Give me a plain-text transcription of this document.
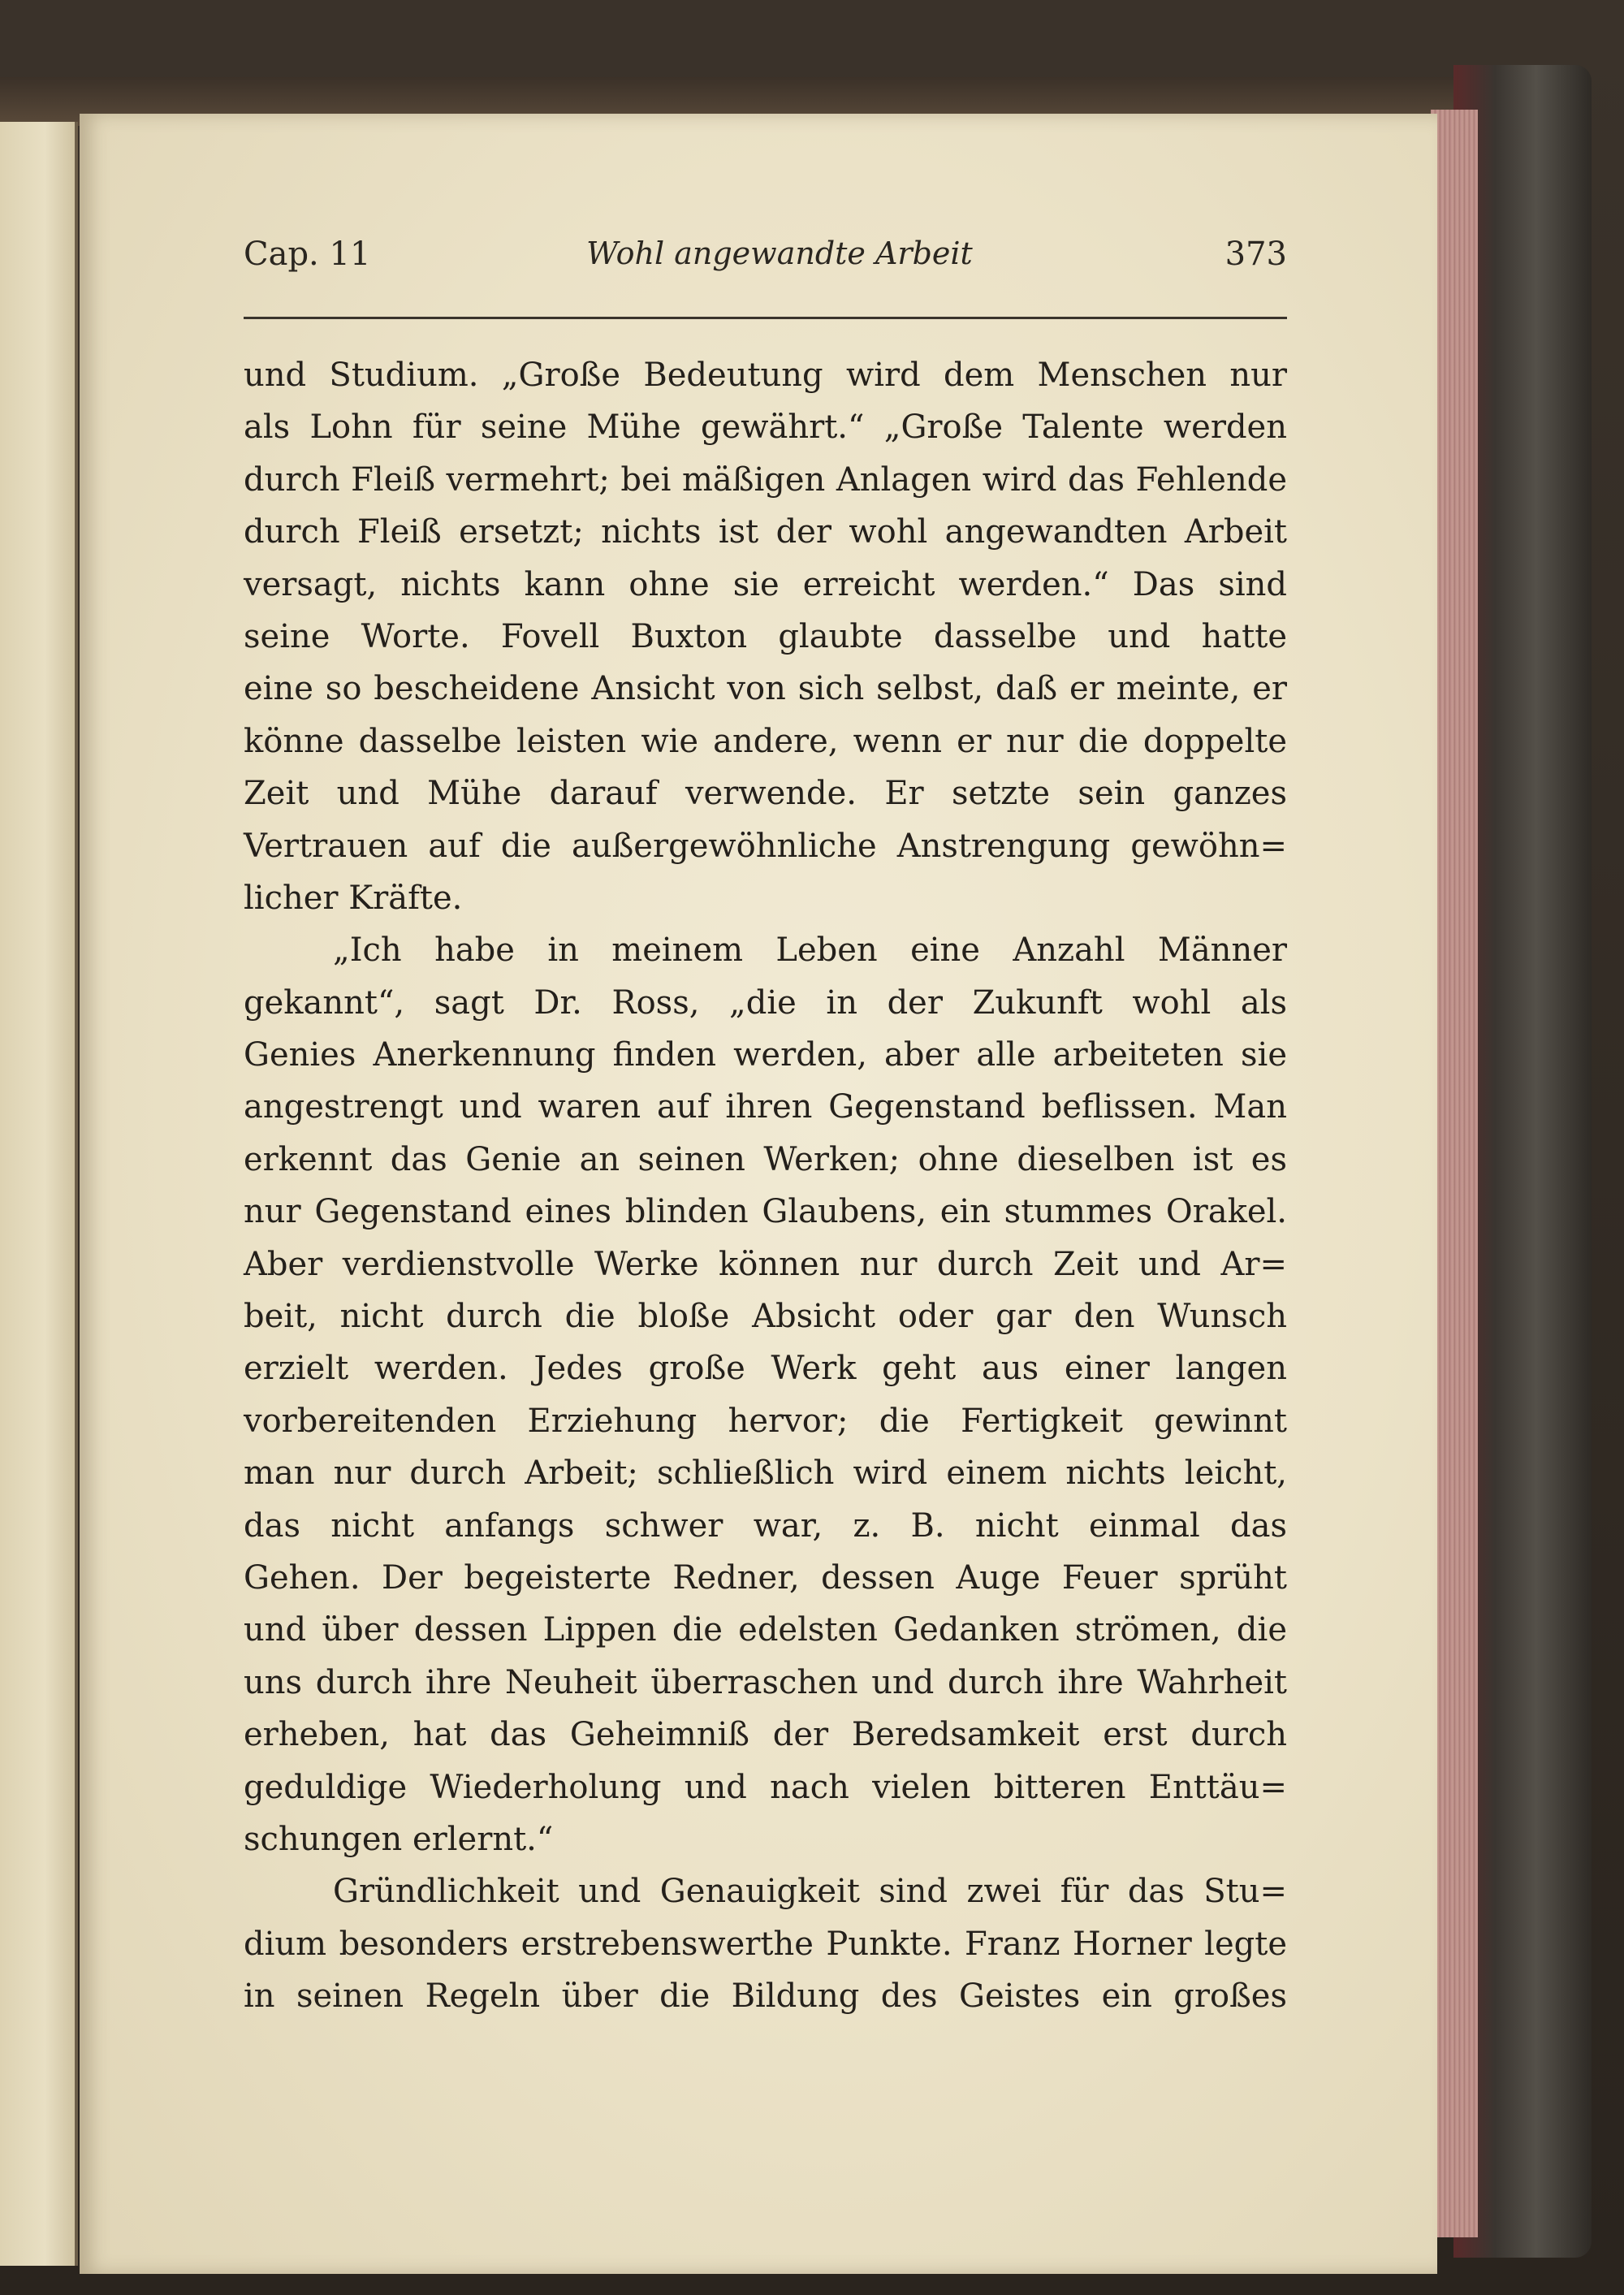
Cap. 11	Wohl angewandte Arbeit	373
und Studium. „Große Bedeutung wird dem Menschen nur
als Lohn für seine Mühe gewährt.“ „Große Talente werden
durch Fleiß vermehrt; bei mäßigen Anlagen wird das Fehlende
durch Fleiß ersetzt; nichts ist der wohl angewandten Arbeit
versagt, nichts kann ohne sie erreicht werden.“ Das sind
seine Worte. Fovell Buxton glaubte dasselbe und hatte
eine so bescheidene Ansicht von sich selbst, daß er meinte, er
könne dasselbe leisten wie andere, wenn er nur die doppelte
Zeit und Mühe darauf verwende. Er setzte sein ganzes
Vertrauen auf die außergewöhnliche Anstrengung gewöhn=
licher Kräfte.
„Ich habe in meinem Leben eine Anzahl Männer
gekannt“, sagt Dr. Ross, „die in der Zukunft wohl als
Genies Anerkennung finden werden, aber alle arbeiteten sie
angestrengt und waren auf ihren Gegenstand beflissen. Man
erkennt das Genie an seinen Werken; ohne dieselben ist es
nur Gegenstand eines blinden Glaubens, ein stummes Orakel.
Aber verdienstvolle Werke können nur durch Zeit und Ar=
beit, nicht durch die bloße Absicht oder gar den Wunsch
erzielt werden. Jedes große Werk geht aus einer langen
vorbereitenden Erziehung hervor; die Fertigkeit gewinnt
man nur durch Arbeit; schließlich wird einem nichts leicht,
das nicht anfangs schwer war, z. B. nicht einmal das
Gehen. Der begeisterte Redner, dessen Auge Feuer sprüht
und über dessen Lippen die edelsten Gedanken strömen, die
uns durch ihre Neuheit überraschen und durch ihre Wahrheit
erheben, hat das Geheimniß der Beredsamkeit erst durch
geduldige Wiederholung und nach vielen bitteren Enttäu=
schungen erlernt.“
Gründlichkeit und Genauigkeit sind zwei für das Stu=
dium besonders erstrebenswerthe Punkte. Franz Horner legte
in seinen Regeln über die Bildung des Geistes ein großes
